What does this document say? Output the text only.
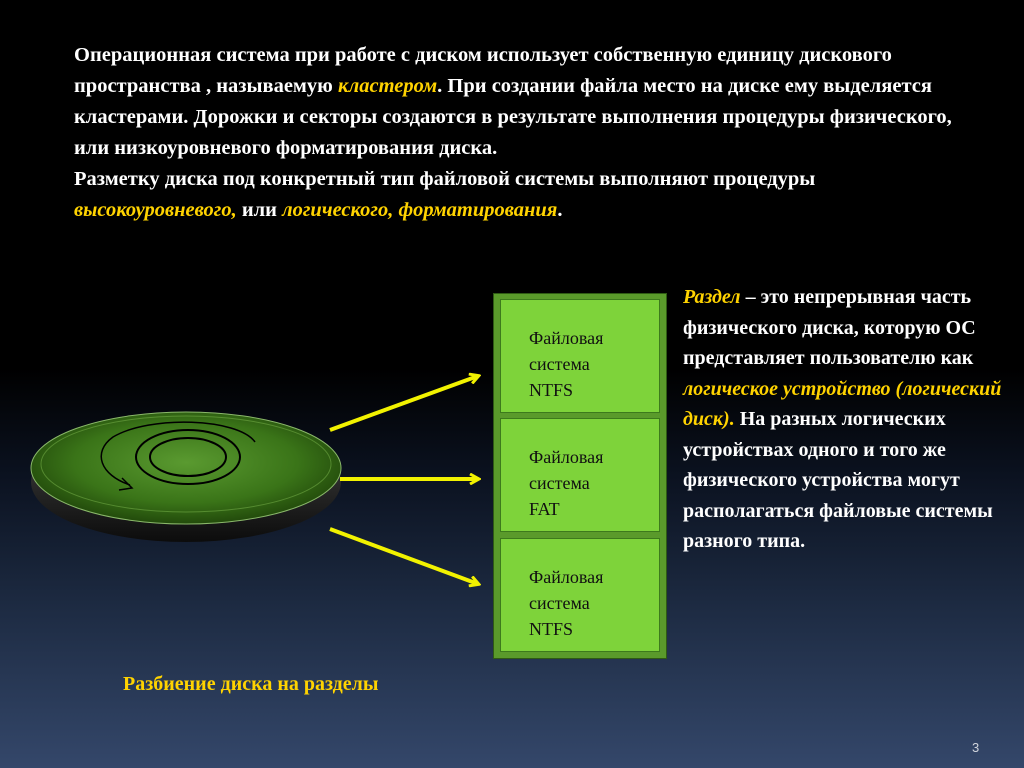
Операционная система при работе с диском использует собственную единицу дискового пространства , называемую кластером. При создании файла место на диске ему выделяется кластерами. Дорожки и секторы создаются в результате выполнения процедуры физического, или низкоуровневого форматирования диска.

Разметку диска под конкретный тип файловой системы выполняют процедуры высокоуровневого, или логического, форматирования.

Файловая
система
NTFS
Файловая
система
FAT
Файловая
система
NTFS
Разбиение диска на разделы
Раздел – это непрерывная часть физического диска, которую ОС представляет пользователю как логическое устройство (логический диск). На разных логических устройствах одного и того же физического устройства могут располагаться файловые системы разного типа.
3
